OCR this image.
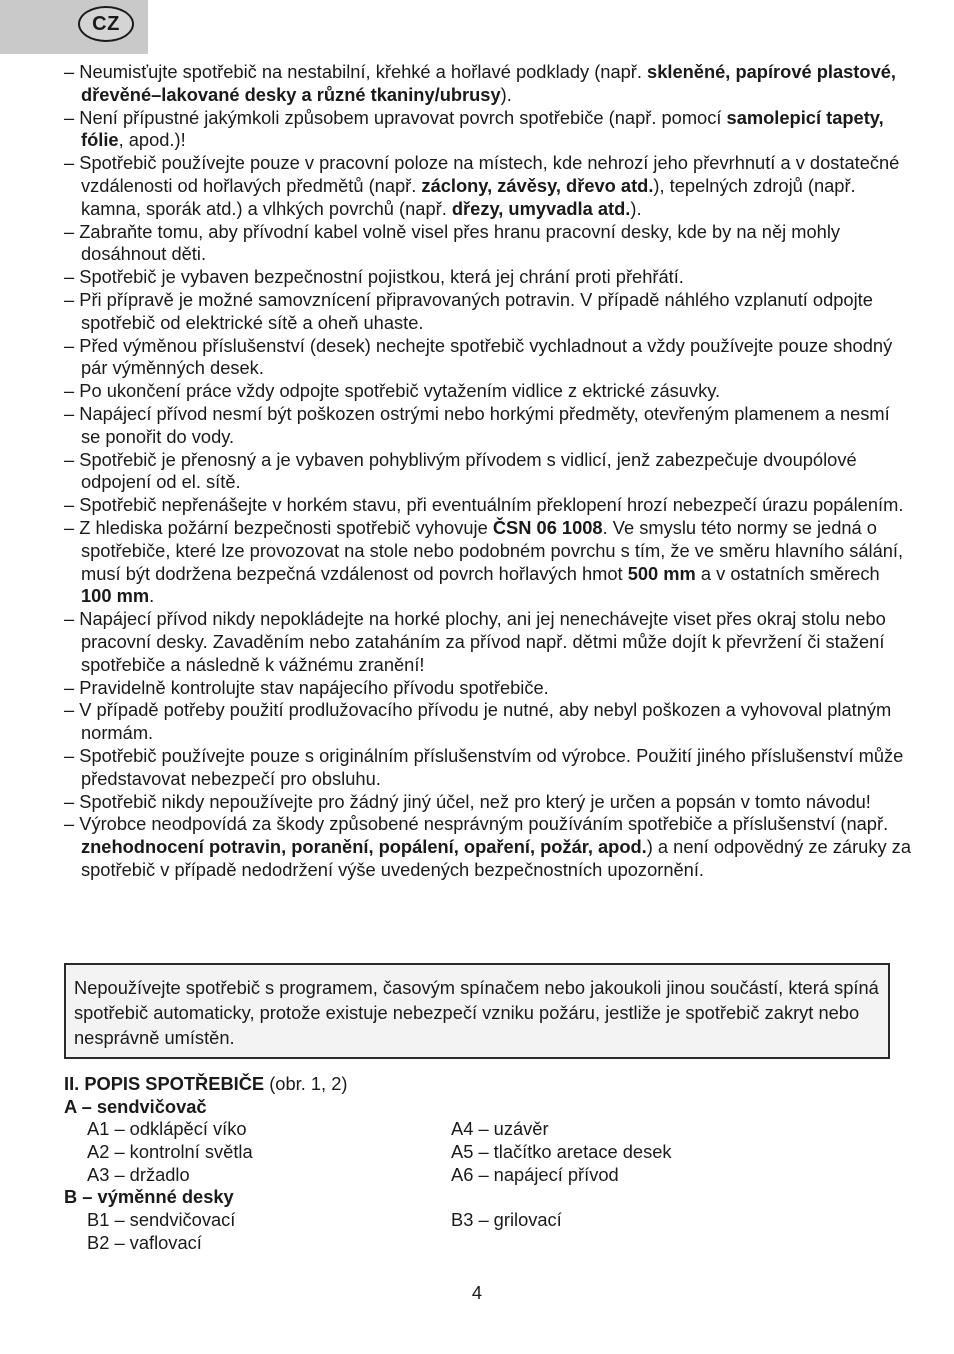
CZ
– Neumisťujte spotřebič na nestabilní, křehké a hořlavé podklady (např. skleněné, papírové plastové, dřevěné–lakované desky a různé tkaniny/ubrusy).
– Není přípustné jakýmkoli způsobem upravovat povrch spotřebiče (např. pomocí samolepicí tapety, fólie, apod.)!
– Spotřebič používejte pouze v pracovní poloze na místech, kde nehrozí jeho převrhnutí a v dostatečné vzdálenosti od hořlavých předmětů (např. záclony, závěsy, dřevo atd.), tepelných zdrojů (např. kamna, sporák atd.) a vlhkých povrchů (např. dřezy, umyvadla atd.).
– Zabraňte tomu, aby přívodní kabel volně visel přes hranu pracovní desky, kde by na něj mohly dosáhnout děti.
– Spotřebič je vybaven bezpečnostní pojistkou, která jej chrání proti přehřátí.
– Při přípravě je možné samovznícení připravovaných potravin. V případě náhlého vzplanutí odpojte spotřebič od elektrické sítě a oheň uhaste.
– Před výměnou příslušenství (desek) nechejte spotřebič vychladnout a vždy používejte pouze shodný pár výměnných desek.
– Po ukončení práce vždy odpojte spotřebič vytažením vidlice z ektrické zásuvky.
– Napájecí přívod nesmí být poškozen ostrými nebo horkými předměty, otevřeným plamenem a nesmí se ponořit do vody.
– Spotřebič je přenosný a je vybaven pohyblivým přívodem s vidlicí, jenž zabezpečuje dvoupólové odpojení od el. sítě.
– Spotřebič nepřenášejte v horkém stavu, při eventuálním překlopení hrozí nebezpečí úrazu popálením.
– Z hlediska požární bezpečnosti spotřebič vyhovuje ČSN 06 1008. Ve smyslu této normy se jedná o spotřebiče, které lze provozovat na stole nebo podobném povrchu s tím, že ve směru hlavního sálání, musí být dodržena bezpečná vzdálenost od povrch hořlavých hmot 500 mm a v ostatních směrech 100 mm.
– Napájecí přívod nikdy nepokládejte na horké plochy, ani jej nenechávejte viset přes okraj stolu nebo pracovní desky. Zavaděním nebo zataháním za přívod např. dětmi může dojít k převržení či stažení spotřebiče a následně k vážnému zranění!
– Pravidelně kontrolujte stav napájecího přívodu spotřebiče.
– V případě potřeby použití prodlužovacího přívodu je nutné, aby nebyl poškozen a vyhovoval platným normám.
– Spotřebič používejte pouze s originálním příslušenstvím od výrobce. Použití jiného příslušenství může představovat nebezpečí pro obsluhu.
– Spotřebič nikdy nepoužívejte pro žádný jiný účel, než pro který je určen a popsán v tomto návodu!
– Výrobce neodpovídá za škody způsobené nesprávným používáním spotřebiče a příslušenství (např. znehodnocení potravin, poranění, popálení, opaření, požár, apod.) a není odpovědný ze záruky za spotřebič v případě nedodržení výše uvedených bezpečnostních upozornění.
Nepoužívejte spotřebič s programem, časovým spínačem nebo jakoukoli jinou součástí, která spíná spotřebič automaticky, protože existuje nebezpečí vzniku požáru, jestliže je spotřebič zakryt nebo nesprávně umístěn.
II. POPIS SPOTŘEBIČE (obr. 1, 2)
A – sendvičovač
A1 – odklápěcí víko	A4 – uzávěr
A2 – kontrolní světla	A5 – tlačítko aretace desek
A3 – držadlo	A6 – napájecí přívod
B – výměnné desky
B1 – sendvičovací	B3 – grilovací
B2 – vaflovací
4
